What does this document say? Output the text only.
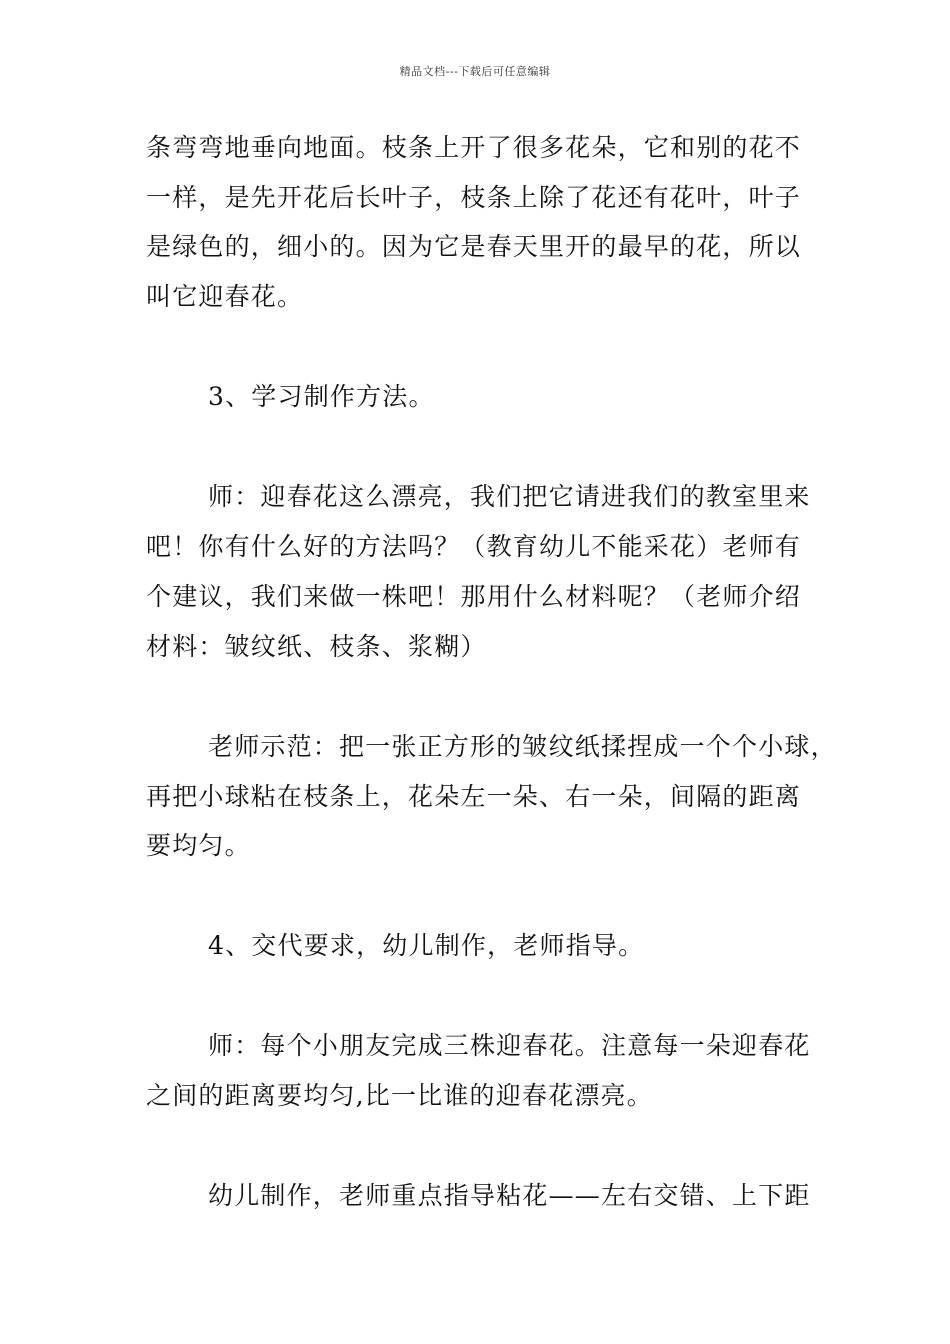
精品文档---下载后可任意编辑
条弯弯地垂向地面。枝条上开了很多花朵，它和别的花不
一样，是先开花后长叶子，枝条上除了花还有花叶，叶子
是绿色的，细小的。因为它是春天里开的最早的花，所以
叫它迎春花。
3、学习制作方法。
师：迎春花这么漂亮，我们把它请进我们的教室里来
吧！你有什么好的方法吗？（教育幼儿不能采花）老师有
个建议，我们来做一株吧！那用什么材料呢？（老师介绍
材料：皱纹纸、枝条、浆糊）
老师示范：把一张正方形的皱纹纸揉捏成一个个小球，
再把小球粘在枝条上，花朵左一朵、右一朵，间隔的距离
要均匀。
4、交代要求，幼儿制作，老师指导。
师：每个小朋友完成三株迎春花。注意每一朵迎春花
之间的距离要均匀,比一比谁的迎春花漂亮。
幼儿制作，老师重点指导粘花——左右交错、上下距
